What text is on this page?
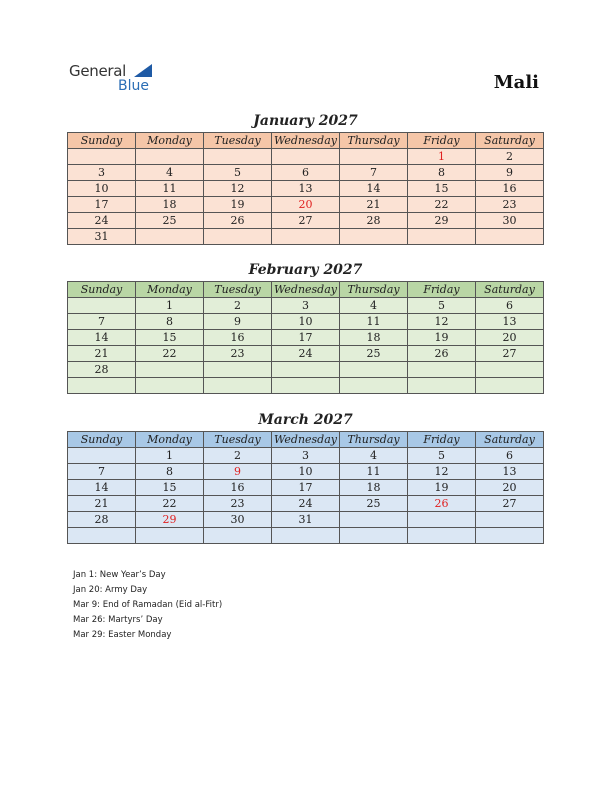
General
Blue	Mali
January 2027
Sunday	Monday	Tuesday	Wednesday	Thursday	Friday	Saturday
					1	2
3	4	5	6	7	8	9
10	11	12	13	14	15	16
17	18	19	20	21	22	23
24	25	26	27	28	29	30
31						
February 2027
Sunday	Monday	Tuesday	Wednesday	Thursday	Friday	Saturday
	1	2	3	4	5	6
7	8	9	10	11	12	13
14	15	16	17	18	19	20
21	22	23	24	25	26	27
28						

March 2027
Sunday	Monday	Tuesday	Wednesday	Thursday	Friday	Saturday
	1	2	3	4	5	6
7	8	9	10	11	12	13
14	15	16	17	18	19	20
21	22	23	24	25	26	27
28	29	30	31			

Jan 1: New Year’s Day
Jan 20: Army Day
Mar 9: End of Ramadan (Eid al-Fitr)
Mar 26: Martyrs’ Day
Mar 29: Easter Monday
